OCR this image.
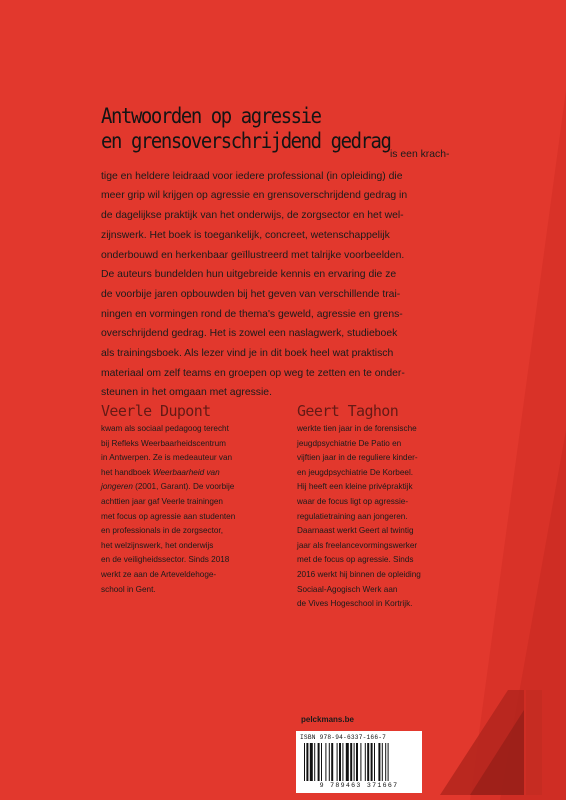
Antwoorden op agressie
en grensoverschrijdend gedrag
is een krach-
tige en heldere leidraad voor iedere professional (in opleiding) die
meer grip wil krijgen op agressie en grensoverschrijdend gedrag in
de dagelijkse praktijk van het onderwijs, de zorgsector en het wel-
zijnswerk. Het boek is toegankelijk, concreet, wetenschappelijk
onderbouwd en herkenbaar geïllustreerd met talrijke voorbeelden.
De auteurs bundelden hun uitgebreide kennis en ervaring die ze
de voorbije jaren opbouwden bij het geven van verschillende trai-
ningen en vormingen rond de thema's geweld, agressie en grens-
overschrijdend gedrag. Het is zowel een naslagwerk, studieboek
als trainingsboek. Als lezer vind je in dit boek heel wat praktisch
materiaal om zelf teams en groepen op weg te zetten en te onder-
steunen in het omgaan met agressie.
Veerle Dupont
kwam als sociaal pedagoog terecht
bij Refleks Weerbaarheidscentrum
in Antwerpen. Ze is medeauteur van
het handboek Weerbaarheid van
jongeren (2001, Garant). De voorbije
achttien jaar gaf Veerle trainingen
met focus op agressie aan studenten
en professionals in de zorgsector,
het welzijnswerk, het onderwijs
en de veiligheidssector. Sinds 2018
werkt ze aan de Arteveldehoge-
school in Gent.
Geert Taghon
werkte tien jaar in de forensische
jeugdpsychiatrie De Patio en
vijftien jaar in de reguliere kinder-
en jeugdpsychiatrie De Korbeel.
Hij heeft een kleine privépraktijk
waar de focus ligt op agressie-
regulatietraining aan jongeren.
Daarnaast werkt Geert al twintig
jaar als freelancevormingswerker
met de focus op agressie. Sinds
2016 werkt hij binnen de opleiding
Sociaal-Agogisch Werk aan
de Vives Hogeschool in Kortrijk.
pelckmans.be
ISBN 978-94-6337-166-7
9 789463 371667
